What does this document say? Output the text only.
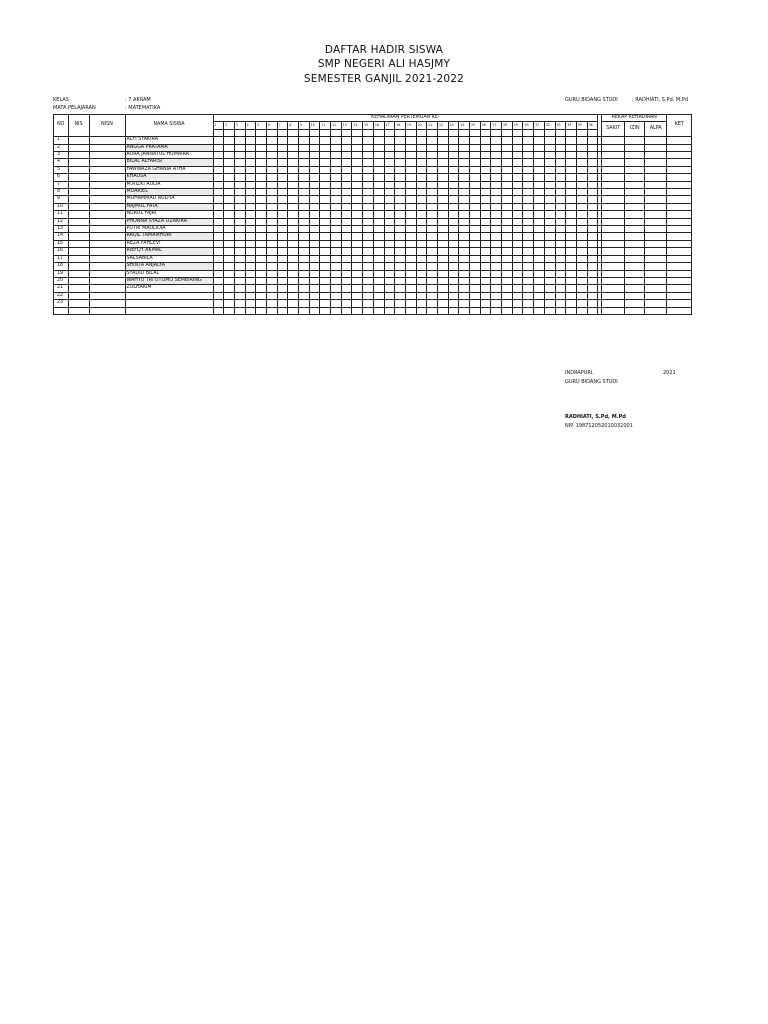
DAFTAR HADIR SISWA
SMP NEGERI ALI HASJMY
SEMESTER GANJIL 2021-2022
KELAS	: 7 AKRAM
MATA PELAJARAN	: MATEMATIKA
GURU BIDANG STUDI	: RADHIATI, S.Pd, M.Pd
NO	NIS	NISN	NAMA SISWA	KEHADIRAN PERTEMUAN KE-																																					REKAP KEHADIRAN			KET
				1	2	3	4	5	6	7	8	9	10	11	12	13	14	15	16	17	18	19	20	21	22	23	24	25	26	27	28	29	30	31	32	33	34	35	36		SAKIT	IZIN	ALPA	

1			ALFI SYAKIRA																																									
2			ANGGA PRATAMA																																									
3			AURA JANNATUL HUMAIRA																																									
4			BILAL ALFARISI																																									
5			FAWWAZA GHANIA ATHA																																									
6			KHAUSA																																									
7			M.RIZKI AULIA																																									
8			MUARIEL																																									
9			MUHAMMAD AULIYA																																									
10			NAJMUL FATA																																									
11			NURUL FAJRI																																									
12			PHONNA SYAZA DZAKIRA																																									
13			PUTRI MAULIDIA																																									
14			RAQIL TAMAMHURI																																									
15			REZA FAHLEVI																																									
16			RIEFQY AKMAL																																									
17			SALSABILA																																									
18			SHINTA ANJALYA																																									
19			SYADID BILAL																																									
20			WAHYU TRI UTOMO SEMBIRING																																									
21			ZULHAKIM																																									
22																																												
23																																												

INDRAPURI,	2021
GURU BIDANG STUDI
RADHIATI, S.Pd, M.Pd
NIP. 198712052010032001
